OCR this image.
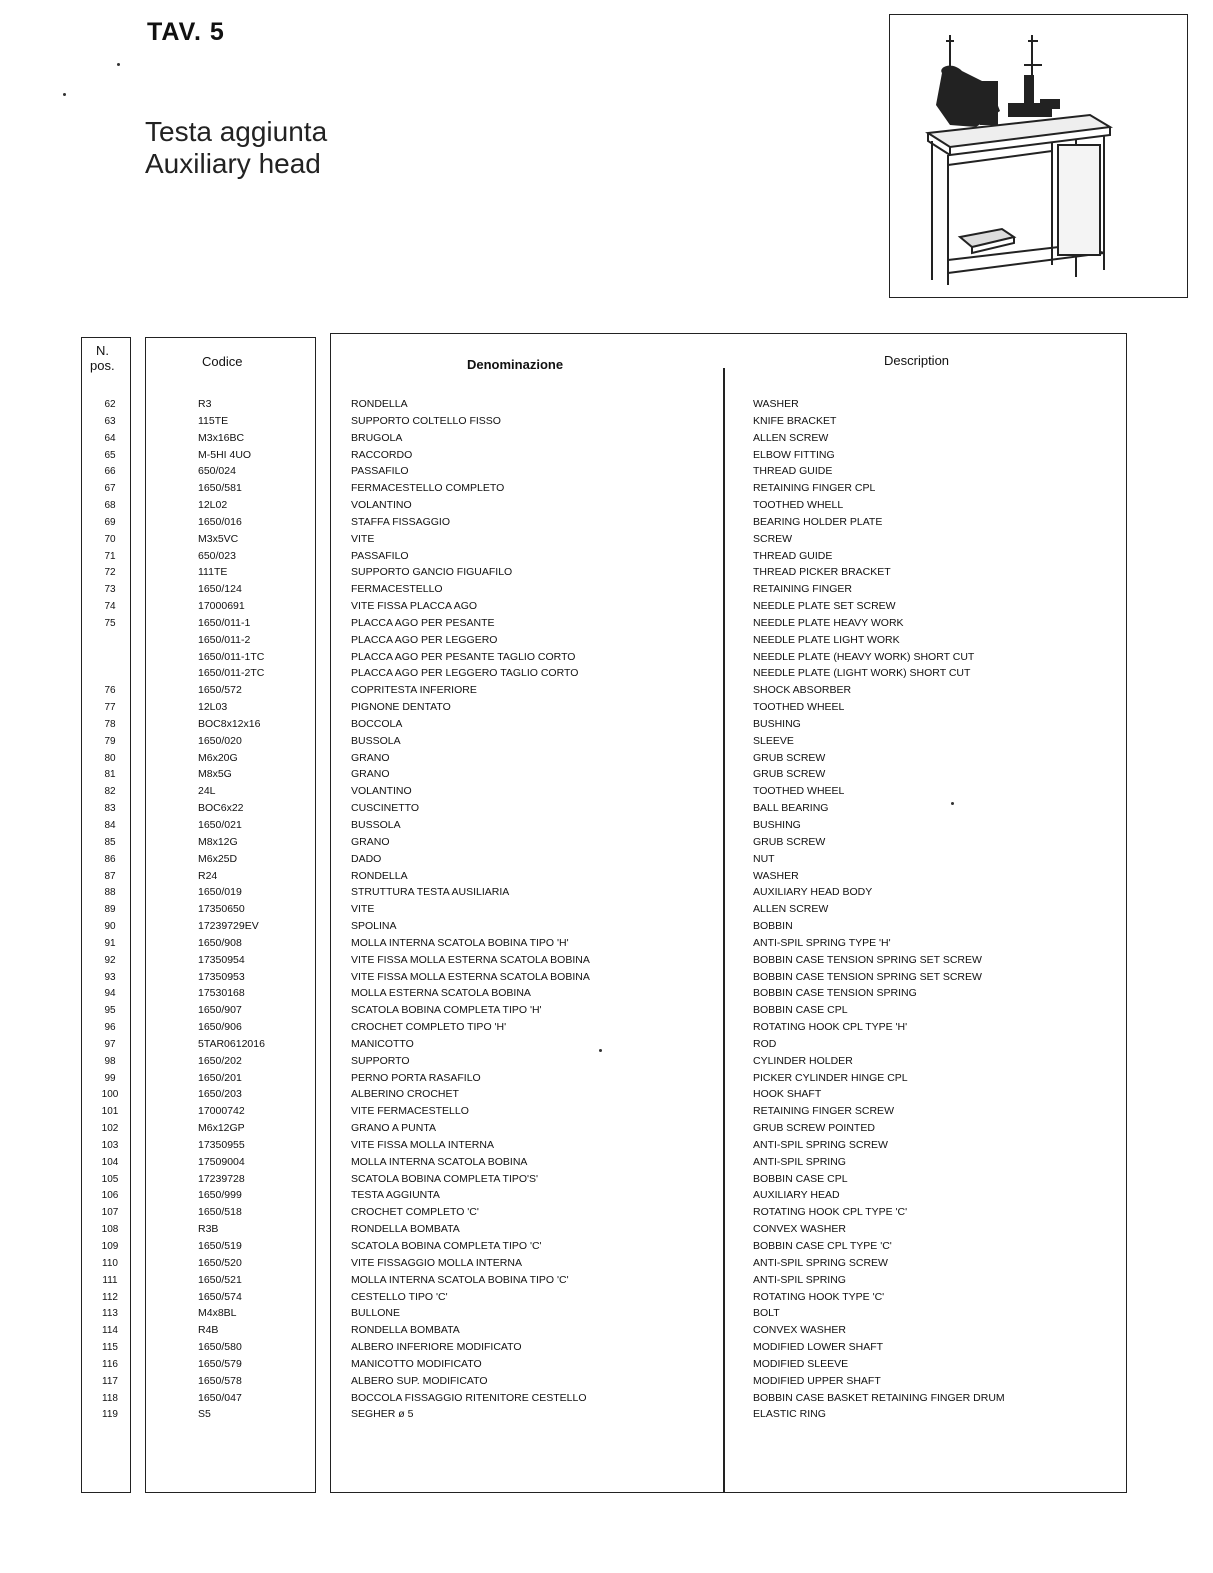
TAV. 5
Testa aggiunta
Auxiliary head
N.
pos.	Codice	Denominazione	Description
62	R3	RONDELLA	WASHER
63	115TE	SUPPORTO COLTELLO FISSO	KNIFE BRACKET
64	M3x16BC	BRUGOLA	ALLEN SCREW
65	M-5HI 4UO	RACCORDO	ELBOW FITTING
66	650/024	PASSAFILO	THREAD GUIDE
67	1650/581	FERMACESTELLO COMPLETO	RETAINING FINGER CPL
68	12L02	VOLANTINO	TOOTHED WHELL
69	1650/016	STAFFA FISSAGGIO	BEARING HOLDER PLATE
70	M3x5VC	VITE	SCREW
71	650/023	PASSAFILO	THREAD GUIDE
72	111TE	SUPPORTO GANCIO FIGUAFILO	THREAD PICKER BRACKET
73	1650/124	FERMACESTELLO	RETAINING FINGER
74	17000691	VITE FISSA PLACCA AGO	NEEDLE PLATE SET SCREW
75	1650/011-1	PLACCA AGO PER PESANTE	NEEDLE PLATE HEAVY WORK
1650/011-2	PLACCA AGO PER LEGGERO	NEEDLE PLATE LIGHT WORK
1650/011-1TC	PLACCA AGO PER PESANTE TAGLIO CORTO	NEEDLE PLATE (HEAVY WORK) SHORT CUT
1650/011-2TC	PLACCA AGO PER LEGGERO TAGLIO CORTO	NEEDLE PLATE (LIGHT WORK) SHORT CUT
76	1650/572	COPRITESTA INFERIORE	SHOCK ABSORBER
77	12L03	PIGNONE DENTATO	TOOTHED WHEEL
78	BOC8x12x16	BOCCOLA	BUSHING
79	1650/020	BUSSOLA	SLEEVE
80	M6x20G	GRANO	GRUB SCREW
81	M8x5G	GRANO	GRUB SCREW
82	24L	VOLANTINO	TOOTHED WHEEL
83	BOC6x22	CUSCINETTO	BALL BEARING
84	1650/021	BUSSOLA	BUSHING
85	M8x12G	GRANO	GRUB SCREW
86	M6x25D	DADO	NUT
87	R24	RONDELLA	WASHER
88	1650/019	STRUTTURA TESTA AUSILIARIA	AUXILIARY HEAD BODY
89	17350650	VITE	ALLEN SCREW
90	17239729EV	SPOLINA	BOBBIN
91	1650/908	MOLLA INTERNA SCATOLA BOBINA TIPO 'H'	ANTI-SPIL SPRING TYPE 'H'
92	17350954	VITE FISSA MOLLA ESTERNA SCATOLA BOBINA	BOBBIN CASE TENSION SPRING SET SCREW
93	17350953	VITE FISSA MOLLA ESTERNA SCATOLA BOBINA	BOBBIN CASE TENSION SPRING SET SCREW
94	17530168	MOLLA ESTERNA SCATOLA BOBINA	BOBBIN CASE TENSION SPRING
95	1650/907	SCATOLA BOBINA COMPLETA TIPO 'H'	BOBBIN CASE CPL
96	1650/906	CROCHET COMPLETO TIPO 'H'	ROTATING HOOK CPL TYPE 'H'
97	5TAR0612016	MANICOTTO	ROD
98	1650/202	SUPPORTO	CYLINDER HOLDER
99	1650/201	PERNO PORTA RASAFILO	PICKER CYLINDER HINGE CPL
100	1650/203	ALBERINO CROCHET	HOOK SHAFT
101	17000742	VITE FERMACESTELLO	RETAINING FINGER SCREW
102	M6x12GP	GRANO A PUNTA	GRUB SCREW POINTED
103	17350955	VITE FISSA MOLLA INTERNA	ANTI-SPIL SPRING SCREW
104	17509004	MOLLA INTERNA SCATOLA BOBINA	ANTI-SPIL SPRING
105	17239728	SCATOLA BOBINA COMPLETA TIPO'S'	BOBBIN CASE CPL
106	1650/999	TESTA AGGIUNTA	AUXILIARY HEAD
107	1650/518	CROCHET COMPLETO 'C'	ROTATING HOOK CPL TYPE 'C'
108	R3B	RONDELLA BOMBATA	CONVEX WASHER
109	1650/519	SCATOLA BOBINA COMPLETA TIPO 'C'	BOBBIN CASE CPL TYPE 'C'
110	1650/520	VITE FISSAGGIO MOLLA INTERNA	ANTI-SPIL SPRING SCREW
111	1650/521	MOLLA INTERNA SCATOLA BOBINA TIPO 'C'	ANTI-SPIL SPRING
112	1650/574	CESTELLO TIPO 'C'	ROTATING HOOK TYPE 'C'
113	M4x8BL	BULLONE	BOLT
114	R4B	RONDELLA BOMBATA	CONVEX WASHER
115	1650/580	ALBERO INFERIORE MODIFICATO	MODIFIED LOWER SHAFT
116	1650/579	MANICOTTO MODIFICATO	MODIFIED SLEEVE
117	1650/578	ALBERO SUP. MODIFICATO	MODIFIED UPPER SHAFT
118	1650/047	BOCCOLA FISSAGGIO RITENITORE CESTELLO	BOBBIN CASE BASKET RETAINING FINGER DRUM
119	S5	SEGHER ø 5	ELASTIC RING
